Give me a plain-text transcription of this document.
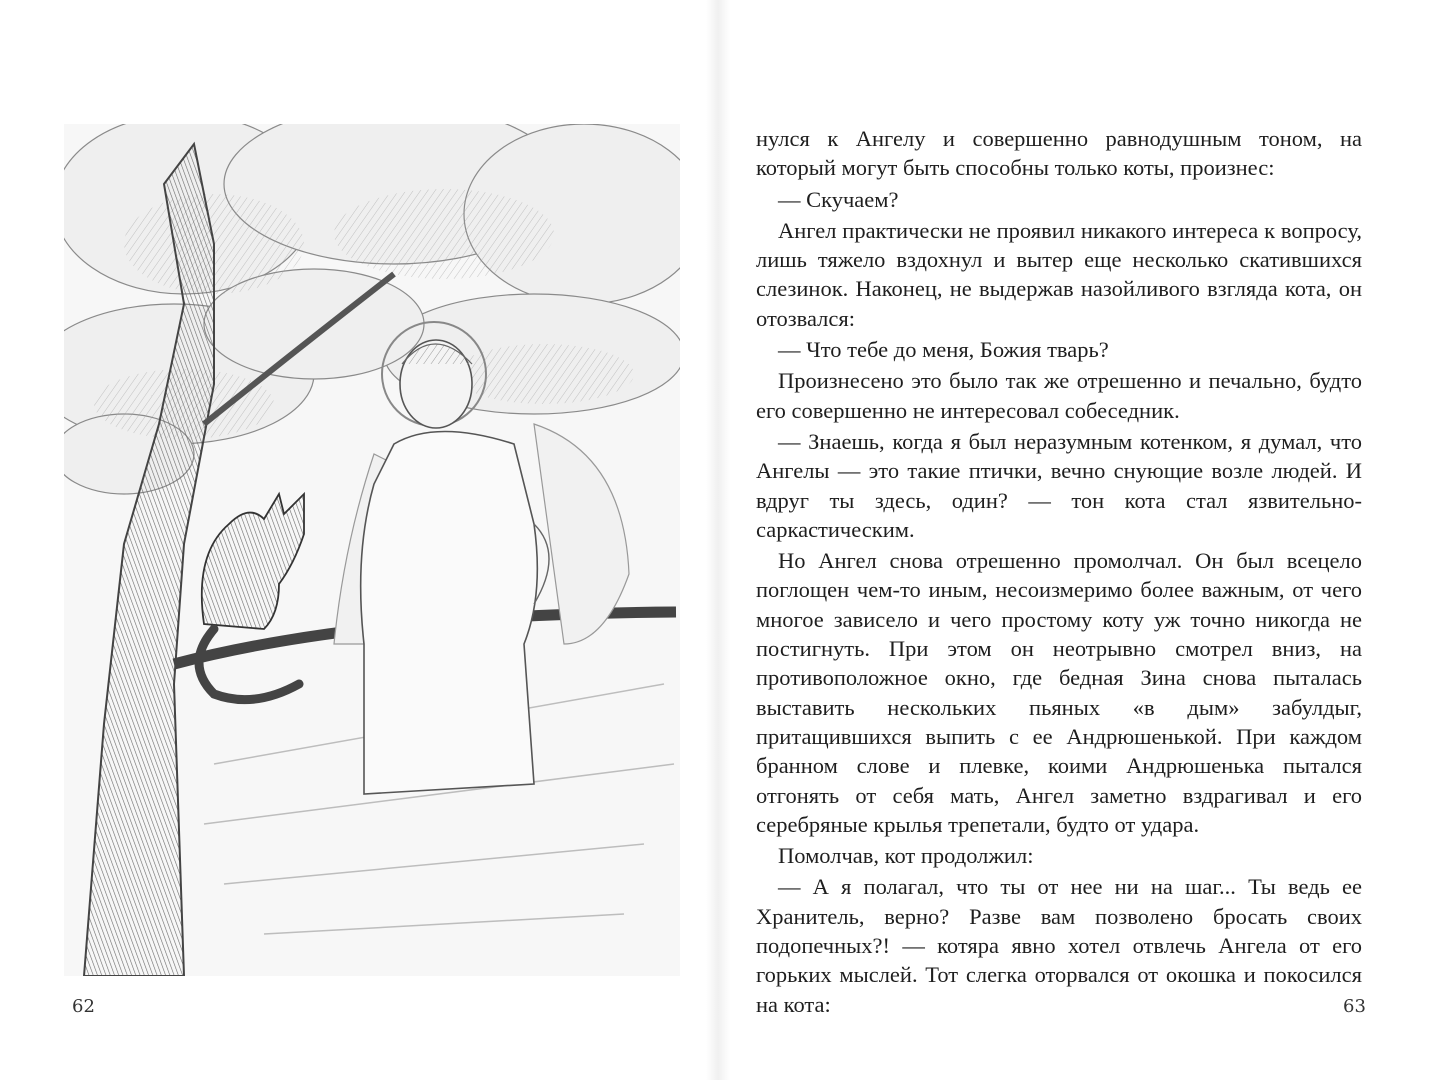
62	63

нулся к Ангелу и совершенно равнодушным тоном, на который могут быть способны только коты, произнес:

— Скучаем?

Ангел практически не проявил никакого интереса к вопросу, лишь тяжело вздохнул и вытер еще несколько скатившихся слезинок. Наконец, не выдержав назойливого взгляда кота, он отозвался:

— Что тебе до меня, Божия тварь?

Произнесено это было так же отрешенно и печально, будто его совершенно не интересовал собеседник.

— Знаешь, когда я был неразумным котенком, я думал, что Ангелы — это такие птички, вечно снующие возле людей. И вдруг ты здесь, один? — тон кота стал язвительно-саркастическим.

Но Ангел снова отрешенно промолчал. Он был всецело поглощен чем-то иным, несоизмеримо более важным, от чего многое зависело и чего простому коту уж точно никогда не постигнуть. При этом он неотрывно смотрел вниз, на противоположное окно, где бедная Зина снова пыталась выставить нескольких пьяных «в дым» забулдыг, притащившихся выпить с ее Андрюшенькой. При каждом бранном слове и плевке, коими Андрюшенька пытался отгонять от себя мать, Ангел заметно вздрагивал и его серебряные крылья трепетали, будто от удара.

Помолчав, кот продолжил:

— А я полагал, что ты от нее ни на шаг... Ты ведь ее Хранитель, верно? Разве вам позволено бросать своих подопечных?! — котяра явно хотел отвлечь Ангела от его горьких мыслей. Тот слегка оторвался от окошка и покосился на кота:
